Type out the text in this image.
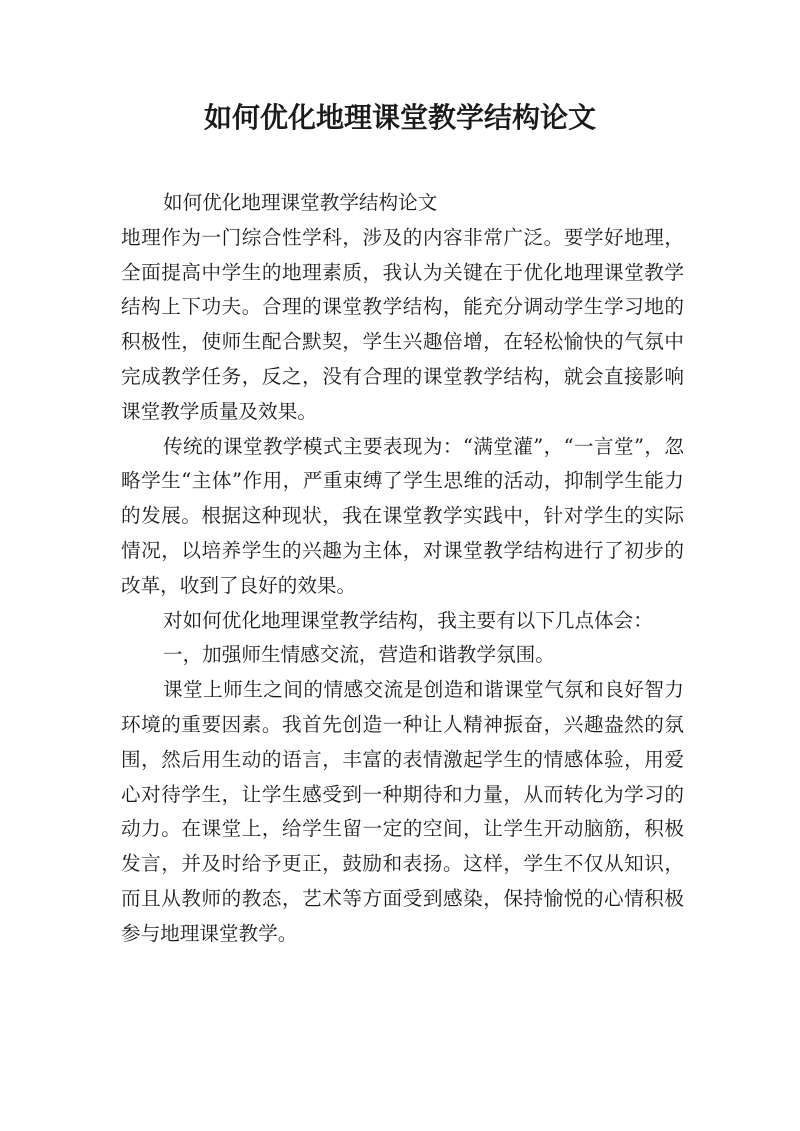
如何优化地理课堂教学结构论文

如何优化地理课堂教学结构论文

地理作为一门综合性学科，涉及的内容非常广泛。要学好地理，全面提高中学生的地理素质，我认为关键在于优化地理课堂教学结构上下功夫。合理的课堂教学结构，能充分调动学生学习地的积极性，使师生配合默契，学生兴趣倍增，在轻松愉快的气氛中完成教学任务，反之，没有合理的课堂教学结构，就会直接影响课堂教学质量及效果。

传统的课堂教学模式主要表现为：“满堂灌”，“一言堂”，忽略学生“主体”作用，严重束缚了学生思维的活动，抑制学生能力的发展。根据这种现状，我在课堂教学实践中，针对学生的实际情况，以培养学生的兴趣为主体，对课堂教学结构进行了初步的改革，收到了良好的效果。

对如何优化地理课堂教学结构，我主要有以下几点体会：

一，加强师生情感交流，营造和谐教学氛围。

课堂上师生之间的情感交流是创造和谐课堂气氛和良好智力环境的重要因素。我首先创造一种让人精神振奋，兴趣盎然的氛围，然后用生动的语言，丰富的表情激起学生的情感体验，用爱心对待学生，让学生感受到一种期待和力量，从而转化为学习的动力。在课堂上，给学生留一定的空间，让学生开动脑筋，积极发言，并及时给予更正，鼓励和表扬。这样，学生不仅从知识，而且从教师的教态，艺术等方面受到感染，保持愉悦的心情积极参与地理课堂教学。
